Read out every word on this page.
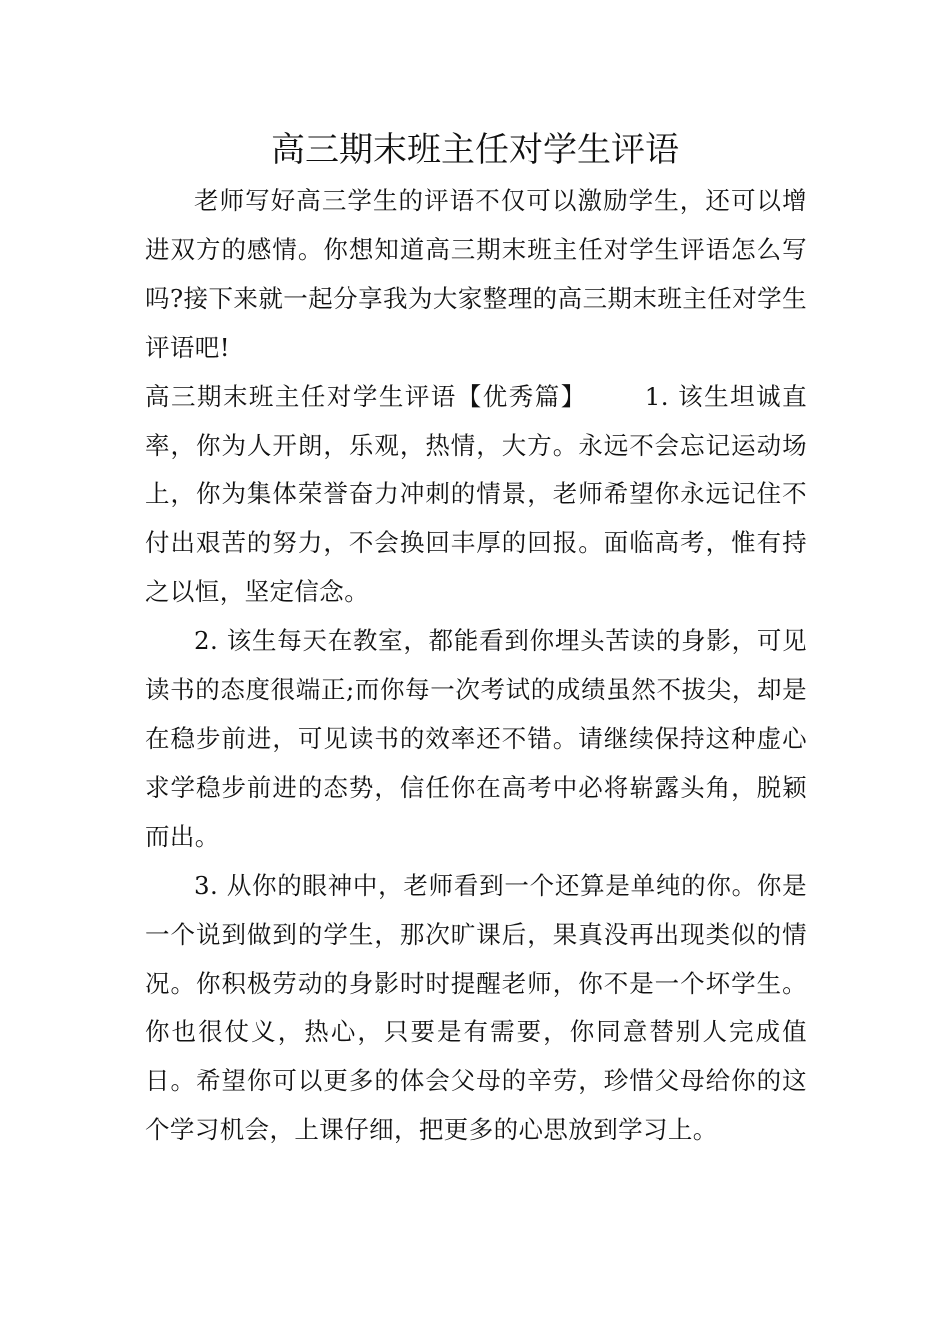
高三期末班主任对学生评语

老师写好高三学生的评语不仅可以激励学生，还可以增进双方的感情。你想知道高三期末班主任对学生评语怎么写吗?接下来就一起分享我为大家整理的高三期末班主任对学生评语吧!

高三期末班主任对学生评语【优秀篇】 1. 该生坦诚直率，你为人开朗，乐观，热情，大方。永远不会忘记运动场上，你为集体荣誉奋力冲刺的情景，老师希望你永远记住不付出艰苦的努力，不会换回丰厚的回报。面临高考，惟有持之以恒，坚定信念。

2. 该生每天在教室，都能看到你埋头苦读的身影，可见读书的态度很端正;而你每一次考试的成绩虽然不拔尖，却是在稳步前进，可见读书的效率还不错。请继续保持这种虚心求学稳步前进的态势，信任你在高考中必将崭露头角，脱颖而出。

3. 从你的眼神中，老师看到一个还算是单纯的你。你是一个说到做到的学生，那次旷课后，果真没再出现类似的情况。你积极劳动的身影时时提醒老师，你不是一个坏学生。你也很仗义，热心，只要是有需要，你同意替别人完成值日。希望你可以更多的体会父母的辛劳，珍惜父母给你的这个学习机会，上课仔细，把更多的心思放到学习上。
